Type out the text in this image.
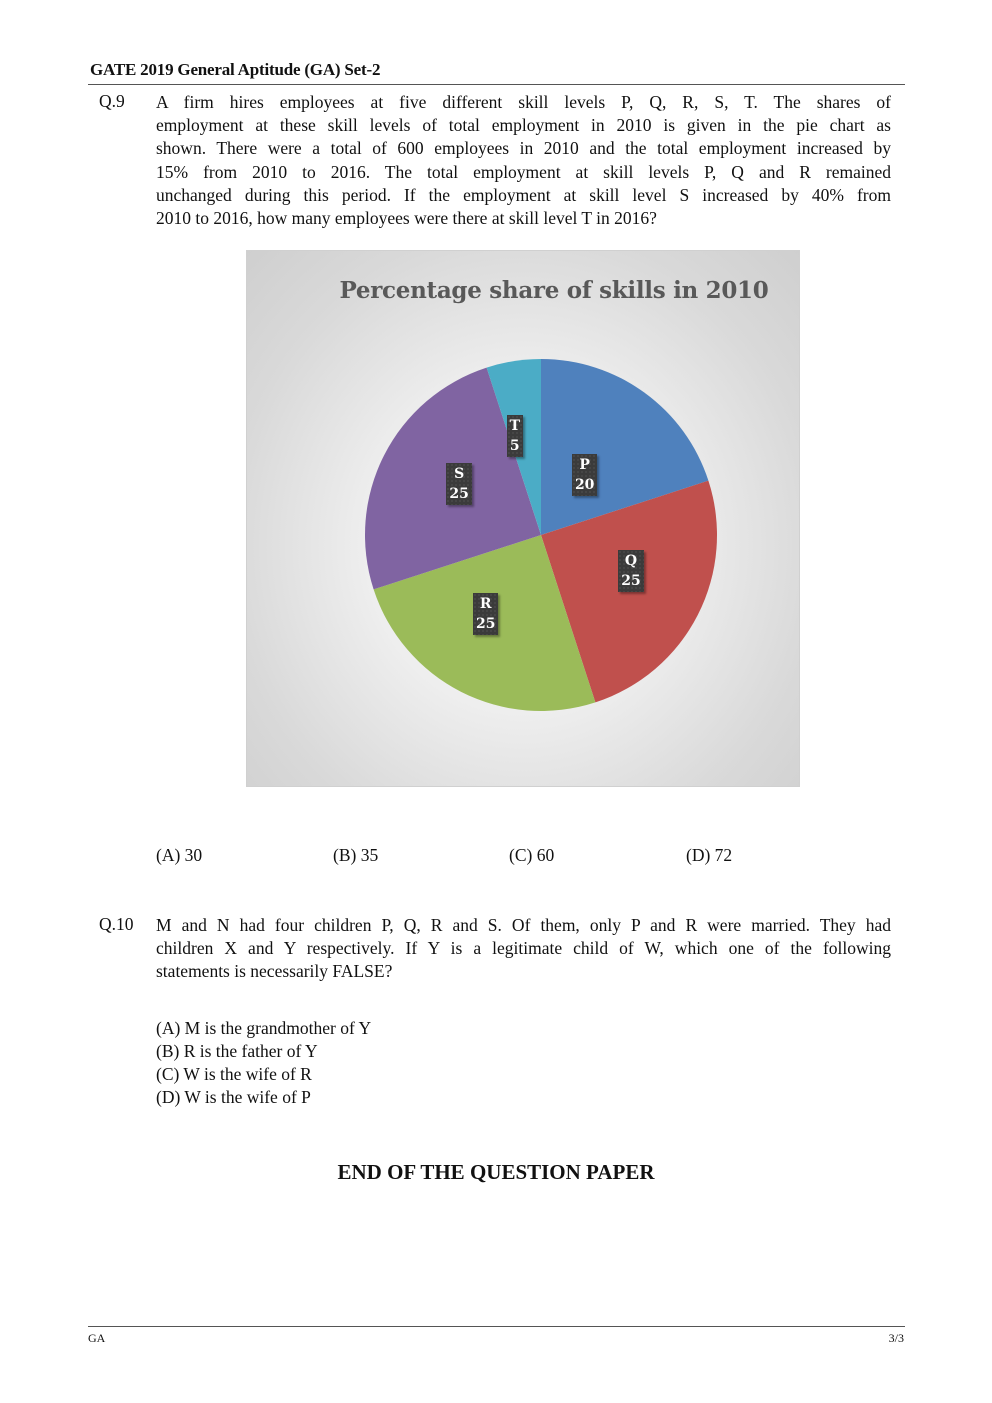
GATE 2019 General Aptitude (GA) Set-2
Q.9 A firm hires employees at five different skill levels P, Q, R, S, T. The shares of
employment at these skill levels of total employment in 2010 is given in the pie chart as
shown. There were a total of 600 employees in 2010 and the total employment increased by
15% from 2010 to 2016. The total employment at skill levels P, Q and R remained
unchanged during this period. If the employment at skill level S increased by 40% from
2010 to 2016, how many employees were there at skill level T in 2016?
Percentage share of skills in 2010
P
20
Q
25
R
25
S
25
T
5
(A) 30	(B) 35	(C) 60	(D) 72
Q.10 M and N had four children P, Q, R and S. Of them, only P and R were married. They had
children X and Y respectively. If Y is a legitimate child of W, which one of the following
statements is necessarily FALSE?
(A) M is the grandmother of Y
(B) R is the father of Y
(C) W is the wife of R
(D) W is the wife of P
END OF THE QUESTION PAPER
GA	3/3
